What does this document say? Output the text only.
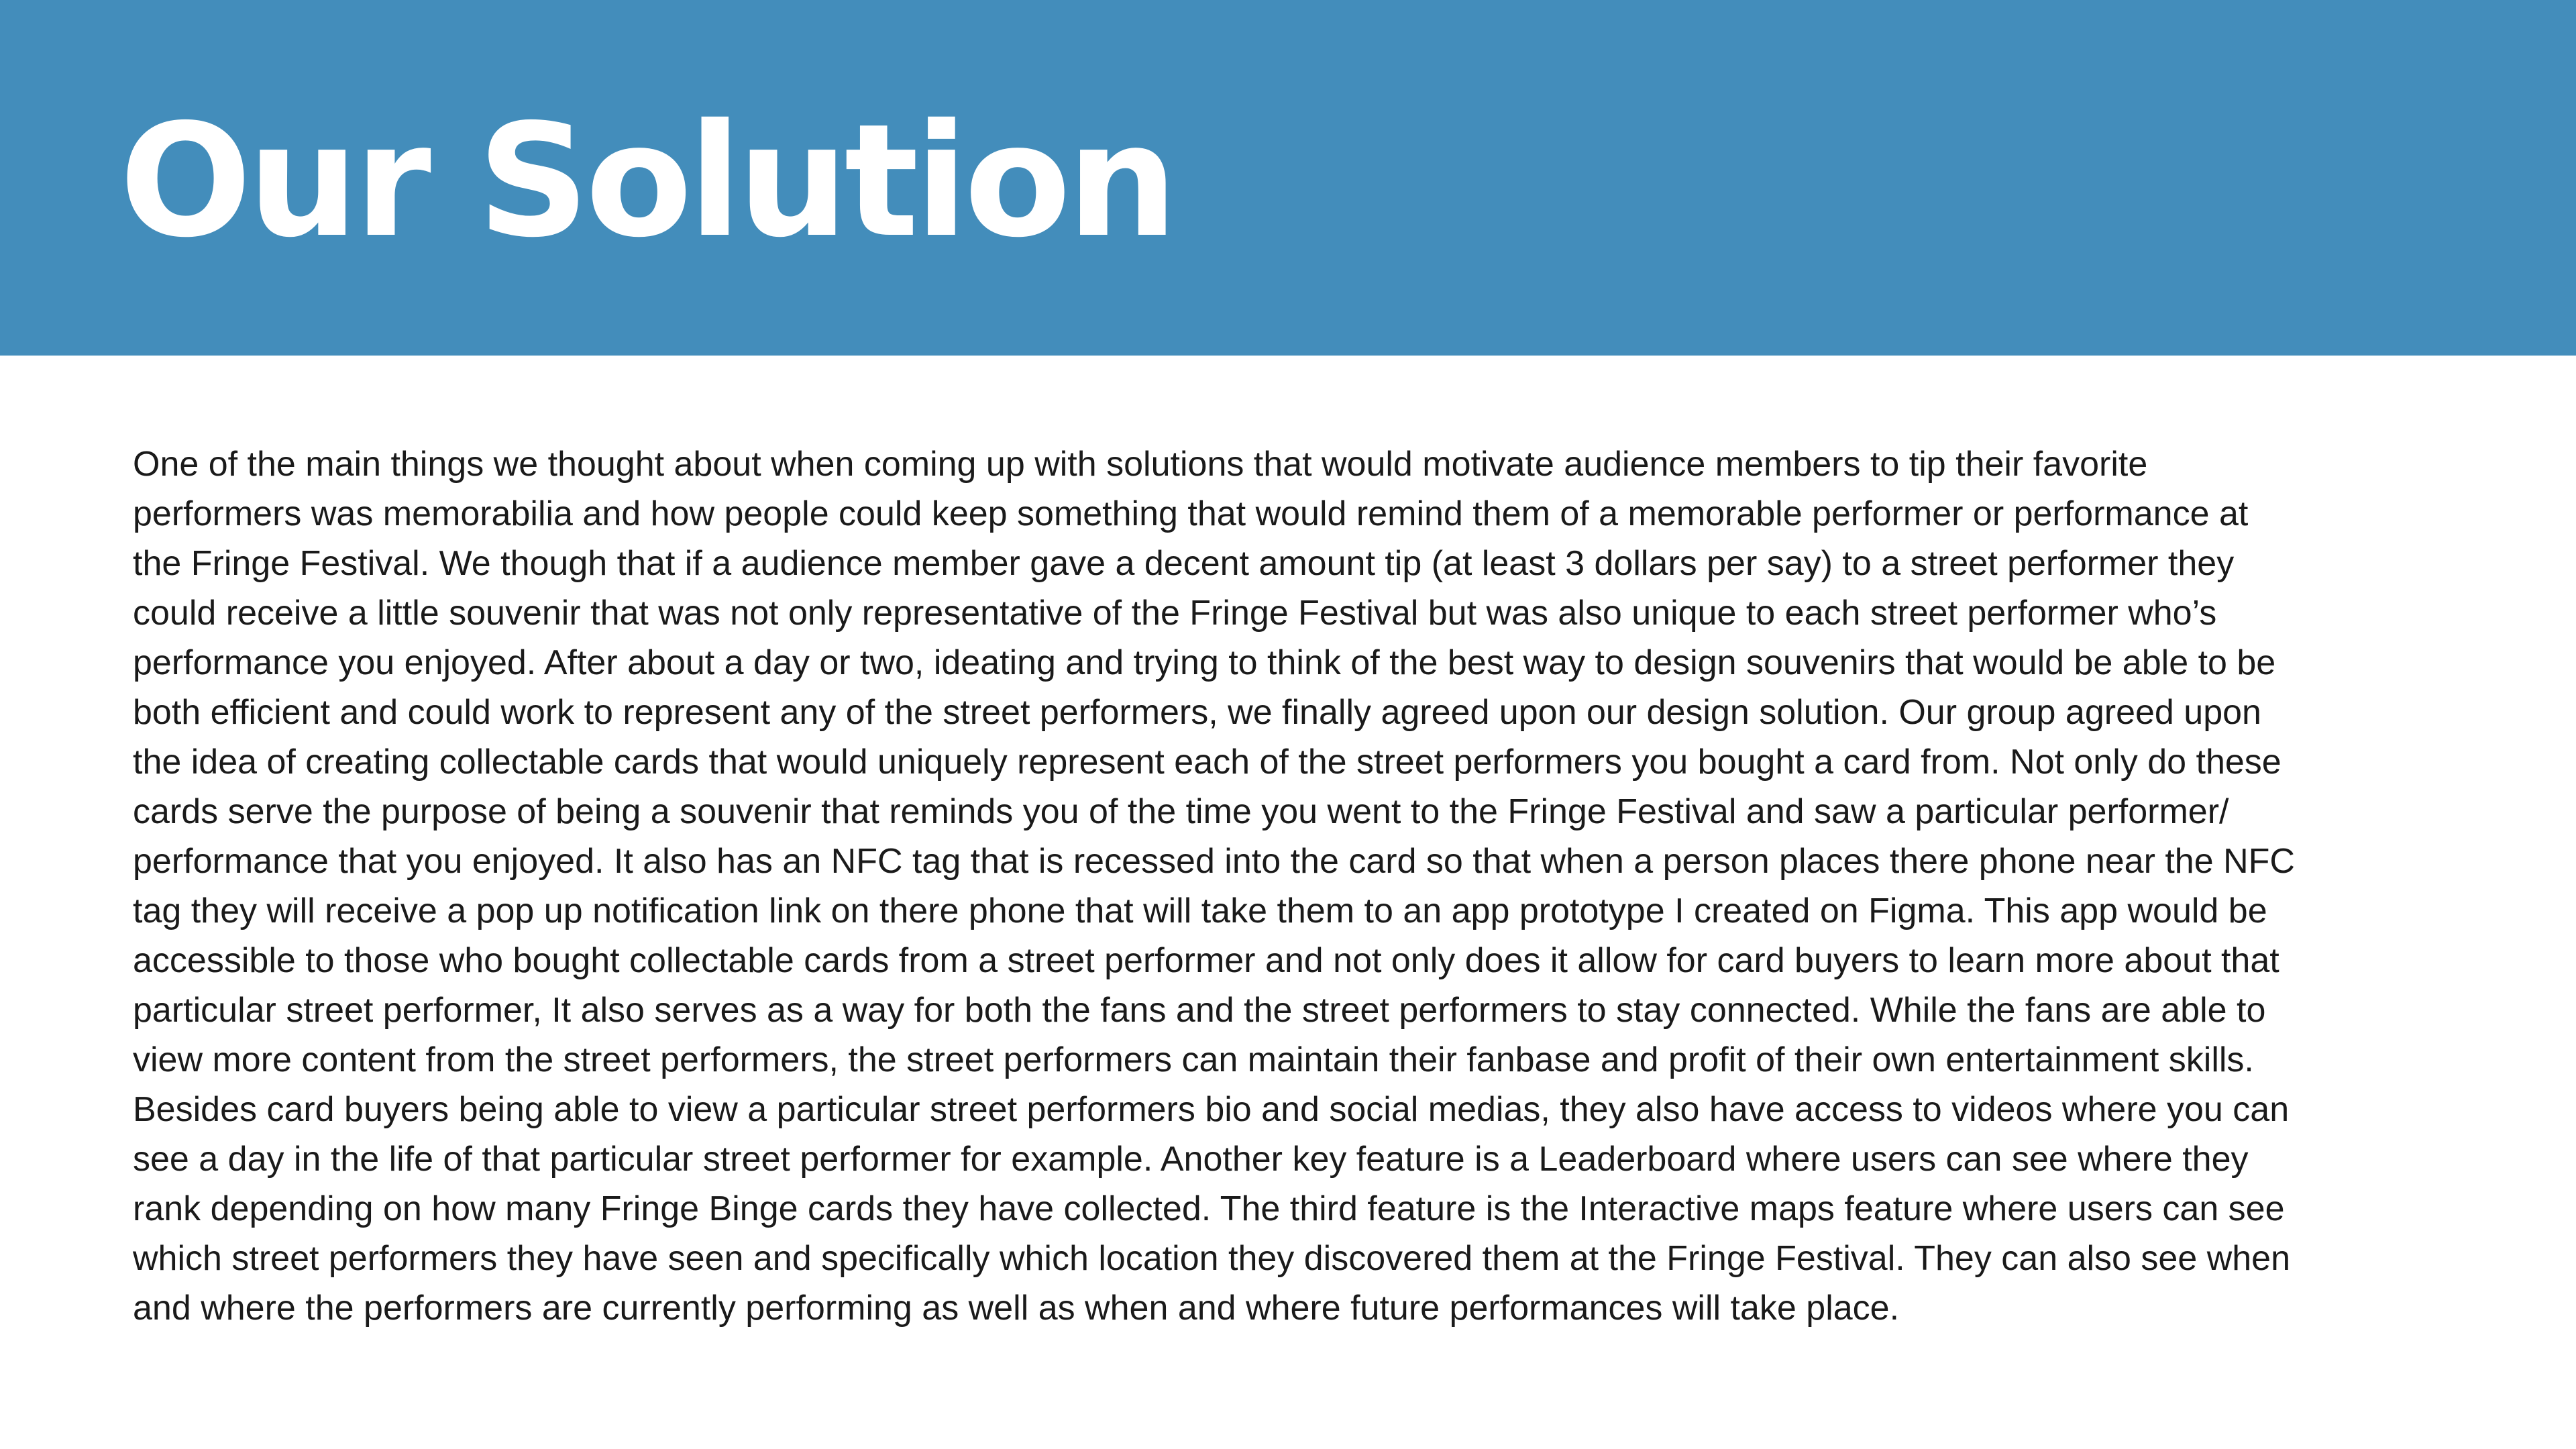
Our Solution
One of the main things we thought about when coming up with solutions that would motivate audience members to tip their favorite
performers was memorabilia and how people could keep something that would remind them of a memorable performer or performance at
the Fringe Festival. We though that if a audience member gave a decent amount tip (at least 3 dollars per say) to a street performer they
could receive a little souvenir that was not only representative of the Fringe Festival but was also unique to each street performer who’s
performance you enjoyed. After about a day or two, ideating and trying to think of the best way to design souvenirs that would be able to be
both efficient and could work to represent any of the street performers, we finally agreed upon our design solution. Our group agreed upon
the idea of creating collectable cards that would uniquely represent each of the street performers you bought a card from. Not only do these
cards serve the purpose of being a souvenir that reminds you of the time you went to the Fringe Festival and saw a particular performer/
performance that you enjoyed. It also has an NFC tag that is recessed into the card so that when a person places there phone near the NFC
tag they will receive a pop up notification link on there phone that will take them to an app prototype I created on Figma. This app would be
accessible to those who bought collectable cards from a street performer and not only does it allow for card buyers to learn more about that
particular street performer, It also serves as a way for both the fans and the street performers to stay connected. While the fans are able to
view more content from the street performers, the street performers can maintain their fanbase and profit of their own entertainment skills.
Besides card buyers being able to view a particular street performers bio and social medias, they also have access to videos where you can
see a day in the life of that particular street performer for example. Another key feature is a Leaderboard where users can see where they
rank depending on how many Fringe Binge cards they have collected. The third feature is the Interactive maps feature where users can see
which street performers they have seen and specifically which location they discovered them at the Fringe Festival. They can also see when
and where the performers are currently performing as well as when and where future performances will take place.
